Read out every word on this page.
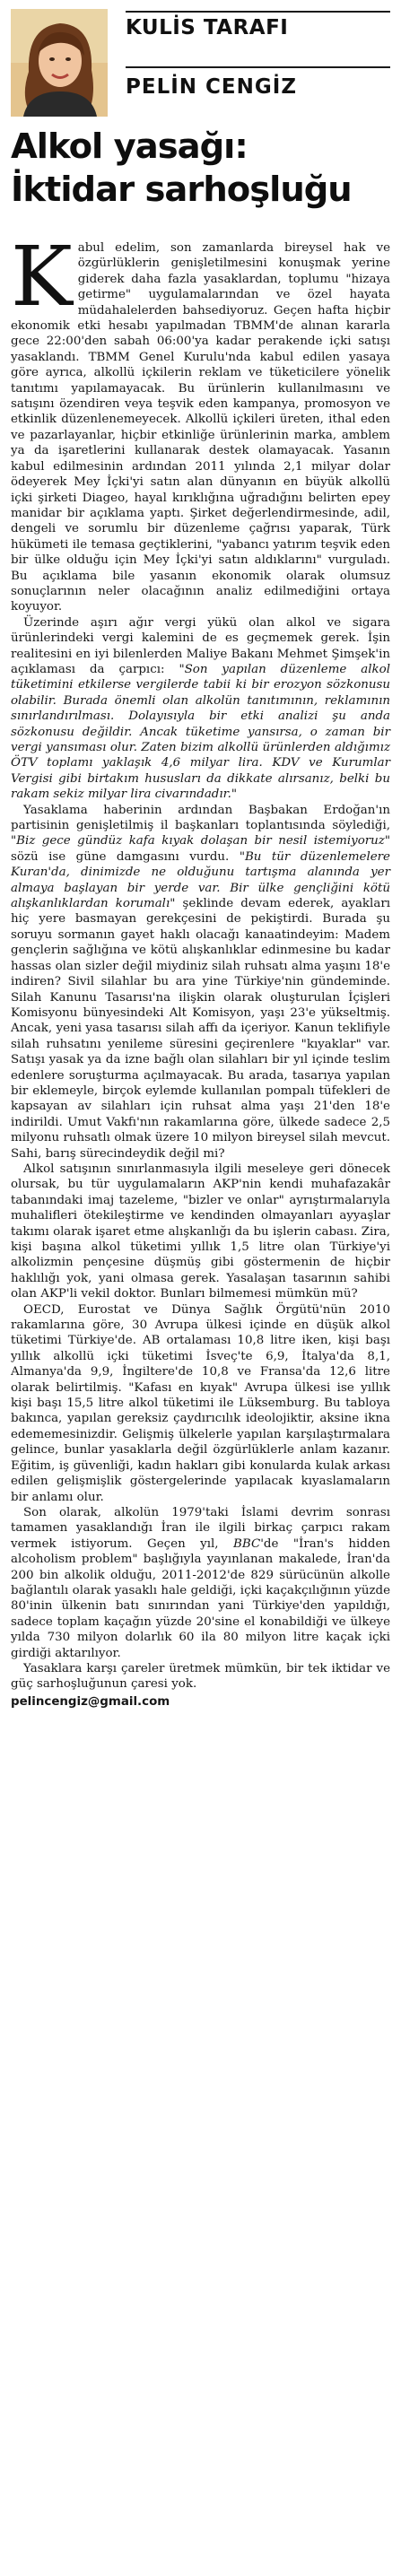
KULİS TARAFI
PELİN CENGİZ
Alkol yasağı:
İktidar sarhoşluğu

Kabul edelim, son zamanlarda bireysel hak ve özgürlüklerin genişletilmesini konuşmak yerine giderek daha fazla yasaklardan, toplumu "hizaya getirme" uygulamalarından ve özel hayata müdahalelerden bahsediyoruz. Geçen hafta hiçbir ekonomik etki hesabı yapılmadan TBMM'de alınan kararla gece 22:00'den sabah 06:00'ya kadar perakende içki satışı yasaklandı. TBMM Genel Kurulu'nda kabul edilen yasaya göre ayrıca, alkollü içkilerin reklam ve tüketicilere yönelik tanıtımı yapılamayacak. Bu ürünlerin kullanılmasını ve satışını özendiren veya teşvik eden kampanya, promosyon ve etkinlik düzenlenemeyecek. Alkollü içkileri üreten, ithal eden ve pazarlayanlar, hiçbir etkinliğe ürünlerinin marka, amblem ya da işaretlerini kullanarak destek olamayacak. Yasanın kabul edilmesinin ardından 2011 yılında 2,1 milyar dolar ödeyerek Mey İçki'yi satın alan dünyanın en büyük alkollü içki şirketi Diageo, hayal kırıklığına uğradığını belirten epey manidar bir açıklama yaptı. Şirket değerlendirmesinde, adil, dengeli ve sorumlu bir düzenleme çağrısı yaparak, Türk hükümeti ile temasa geçtiklerini, "yabancı yatırım teşvik eden bir ülke olduğu için Mey İçki'yi satın aldıklarını" vurguladı. Bu açıklama bile yasanın ekonomik olarak olumsuz sonuçlarının neler olacağının analiz edilmediğini ortaya koyuyor.

Üzerinde aşırı ağır vergi yükü olan alkol ve sigara ürünlerindeki vergi kalemini de es geçmemek gerek. İşin realitesini en iyi bilenlerden Maliye Bakanı Mehmet Şimşek'in açıklaması da çarpıcı: "Son yapılan düzenleme alkol tüketimini etkilerse vergilerde tabii ki bir erozyon sözkonusu olabilir. Burada önemli olan alkolün tanıtımının, reklamının sınırlandırılması. Dolayısıyla bir etki analizi şu anda sözkonusu değildir. Ancak tüketime yansırsa, o zaman bir vergi yansıması olur. Zaten bizim alkollü ürünlerden aldığımız ÖTV toplamı yaklaşık 4,6 milyar lira. KDV ve Kurumlar Vergisi gibi birtakım hususları da dikkate alırsanız, belki bu rakam sekiz milyar lira civarındadır."

Yasaklama haberinin ardından Başbakan Erdoğan'ın partisinin genişletilmiş il başkanları toplantısında söylediği, "Biz gece gündüz kafa kıyak dolaşan bir nesil istemiyoruz" sözü ise güne damgasını vurdu. "Bu tür düzenlemelere Kuran'da, dinimizde ne olduğunu tartışma alanında yer almaya başlayan bir yerde var. Bir ülke gençliğini kötü alışkanlıklardan korumalı" şeklinde devam ederek, ayakları hiç yere basmayan gerekçesini de pekiştirdi. Burada şu soruyu sormanın gayet haklı olacağı kanaatindeyim: Madem gençlerin sağlığına ve kötü alışkanlıklar edinmesine bu kadar hassas olan sizler değil miydiniz silah ruhsatı alma yaşını 18'e indiren? Sivil silahlar bu ara yine Türkiye'nin gündeminde. Silah Kanunu Tasarısı'na ilişkin olarak oluşturulan İçişleri Komisyonu bünyesindeki Alt Komisyon, yaşı 23'e yükseltmiş. Ancak, yeni yasa tasarısı silah affı da içeriyor. Kanun teklifiyle silah ruhsatını yenileme süresini geçirenlere "kıyaklar" var. Satışı yasak ya da izne bağlı olan silahları bir yıl içinde teslim edenlere soruşturma açılmayacak. Bu arada, tasarıya yapılan bir eklemeyle, birçok eylemde kullanılan pompalı tüfekleri de kapsayan av silahları için ruhsat alma yaşı 21'den 18'e indirildi. Umut Vakfı'nın rakamlarına göre, ülkede sadece 2,5 milyonu ruhsatlı olmak üzere 10 milyon bireysel silah mevcut. Sahi, barış sürecindeydik değil mi?

Alkol satışının sınırlanmasıyla ilgili meseleye geri dönecek olursak, bu tür uygulamaların AKP'nin kendi muhafazakâr tabanındaki imaj tazeleme, "bizler ve onlar" ayrıştırmalarıyla muhalifleri ötekileştirme ve kendinden olmayanları ayyaşlar takımı olarak işaret etme alışkanlığı da bu işlerin cabası. Zira, kişi başına alkol tüketimi yıllık 1,5 litre olan Türkiye'yi alkolizmin pençesine düşmüş gibi göstermenin de hiçbir haklılığı yok, yani olmasa gerek. Yasalaşan tasarının sahibi olan AKP'li vekil doktor. Bunları bilmemesi mümkün mü?

OECD, Eurostat ve Dünya Sağlık Örgütü'nün 2010 rakamlarına göre, 30 Avrupa ülkesi içinde en düşük alkol tüketimi Türkiye'de. AB ortalaması 10,8 litre iken, kişi başı yıllık alkollü içki tüketimi İsveç'te 6,9, İtalya'da 8,1, Almanya'da 9,9, İngiltere'de 10,8 ve Fransa'da 12,6 litre olarak belirtilmiş. "Kafası en kıyak" Avrupa ülkesi ise yıllık kişi başı 15,5 litre alkol tüketimi ile Lüksemburg. Bu tabloya bakınca, yapılan gereksiz çaydırıcılık ideolojiktir, aksine ikna edememesinizdir. Gelişmiş ülkelerle yapılan karşılaştırmalara gelince, bunlar yasaklarla değil özgürlüklerle anlam kazanır. Eğitim, iş güvenliği, kadın hakları gibi konularda kulak arkası edilen gelişmişlik göstergelerinde yapılacak kıyaslamaların bir anlamı olur.

Son olarak, alkolün 1979'taki İslami devrim sonrası tamamen yasaklandığı İran ile ilgili birkaç çarpıcı rakam vermek istiyorum. Geçen yıl, BBC'de "İran's hidden alcoholism problem" başlığıyla yayınlanan makalede, İran'da 200 bin alkolik olduğu, 2011-2012'de 829 sürücünün alkolle bağlantılı olarak yasaklı hale geldiği, içki kaçakçılığının yüzde 80'inin ülkenin batı sınırından yani Türkiye'den yapıldığı, sadece toplam kaçağın yüzde 20'sine el konabildiği ve ülkeye yılda 730 milyon dolarlık 60 ila 80 milyon litre kaçak içki girdiği aktarılıyor.

Yasaklara karşı çareler üretmek mümkün, bir tek iktidar ve güç sarhoşluğunun çaresi yok.

pelincengiz@gmail.com
